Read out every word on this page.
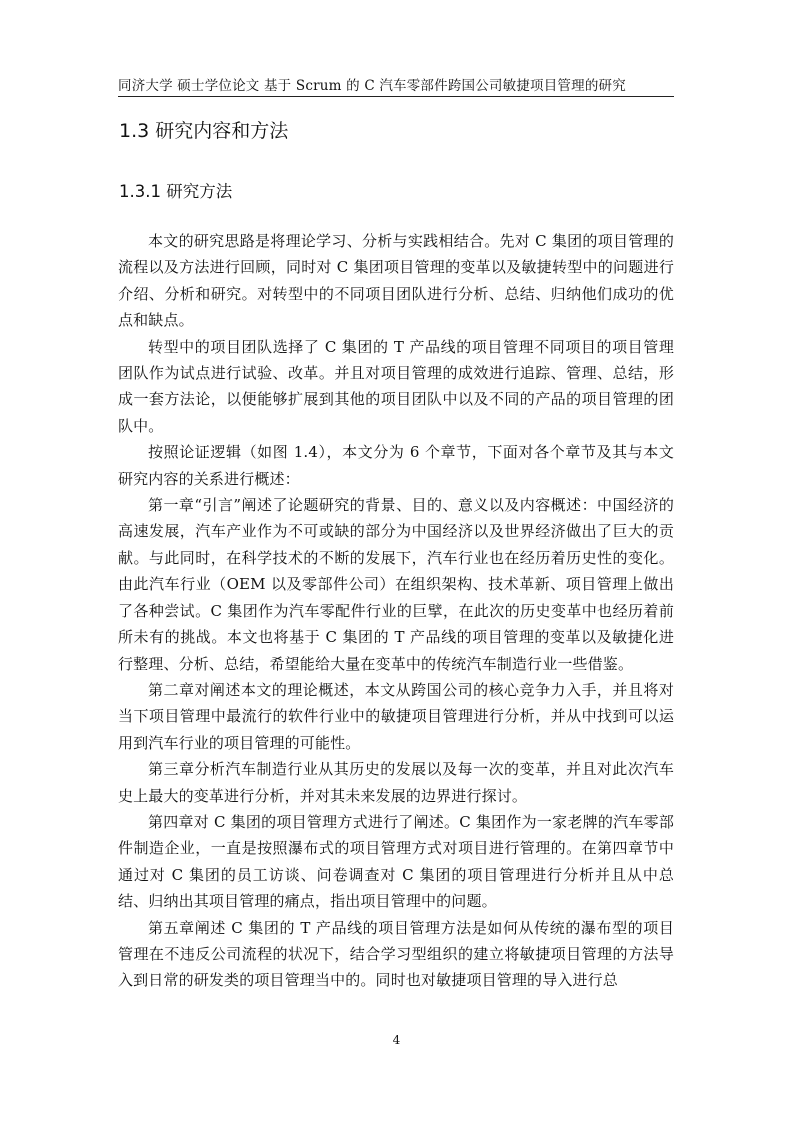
同济大学 硕士学位论文 基于 Scrum 的 C 汽车零部件跨国公司敏捷项目管理的研究
1.3 研究内容和方法
1.3.1 研究方法

本文的研究思路是将理论学习、分析与实践相结合。先对 C 集团的项目管理的流程以及方法进行回顾，同时对 C 集团项目管理的变革以及敏捷转型中的问题进行介绍、分析和研究。对转型中的不同项目团队进行分析、总结、归纳他们成功的优点和缺点。

转型中的项目团队选择了 C 集团的 T 产品线的项目管理不同项目的项目管理团队作为试点进行试验、改革。并且对项目管理的成效进行追踪、管理、总结，形成一套方法论，以便能够扩展到其他的项目团队中以及不同的产品的项目管理的团队中。

按照论证逻辑（如图 1.4），本文分为 6 个章节，下面对各个章节及其与本文研究内容的关系进行概述：

第一章“引言”阐述了论题研究的背景、目的、意义以及内容概述：中国经济的高速发展，汽车产业作为不可或缺的部分为中国经济以及世界经济做出了巨大的贡献。与此同时，在科学技术的不断的发展下，汽车行业也在经历着历史性的变化。由此汽车行业（OEM 以及零部件公司）在组织架构、技术革新、项目管理上做出了各种尝试。C 集团作为汽车零配件行业的巨擘，在此次的历史变革中也经历着前所未有的挑战。本文也将基于 C 集团的 T 产品线的项目管理的变革以及敏捷化进行整理、分析、总结，希望能给大量在变革中的传统汽车制造行业一些借鉴。

第二章对阐述本文的理论概述，本文从跨国公司的核心竞争力入手，并且将对当下项目管理中最流行的软件行业中的敏捷项目管理进行分析，并从中找到可以运用到汽车行业的项目管理的可能性。

第三章分析汽车制造行业从其历史的发展以及每一次的变革，并且对此次汽车史上最大的变革进行分析，并对其未来发展的边界进行探讨。

第四章对 C 集团的项目管理方式进行了阐述。C 集团作为一家老牌的汽车零部件制造企业，一直是按照瀑布式的项目管理方式对项目进行管理的。在第四章节中通过对 C 集团的员工访谈、问卷调查对 C 集团的项目管理进行分析并且从中总结、归纳出其项目管理的痛点，指出项目管理中的问题。

第五章阐述 C 集团的 T 产品线的项目管理方法是如何从传统的瀑布型的项目管理在不违反公司流程的状况下，结合学习型组织的建立将敏捷项目管理的方法导入到日常的研发类的项目管理当中的。同时也对敏捷项目管理的导入进行总

4
